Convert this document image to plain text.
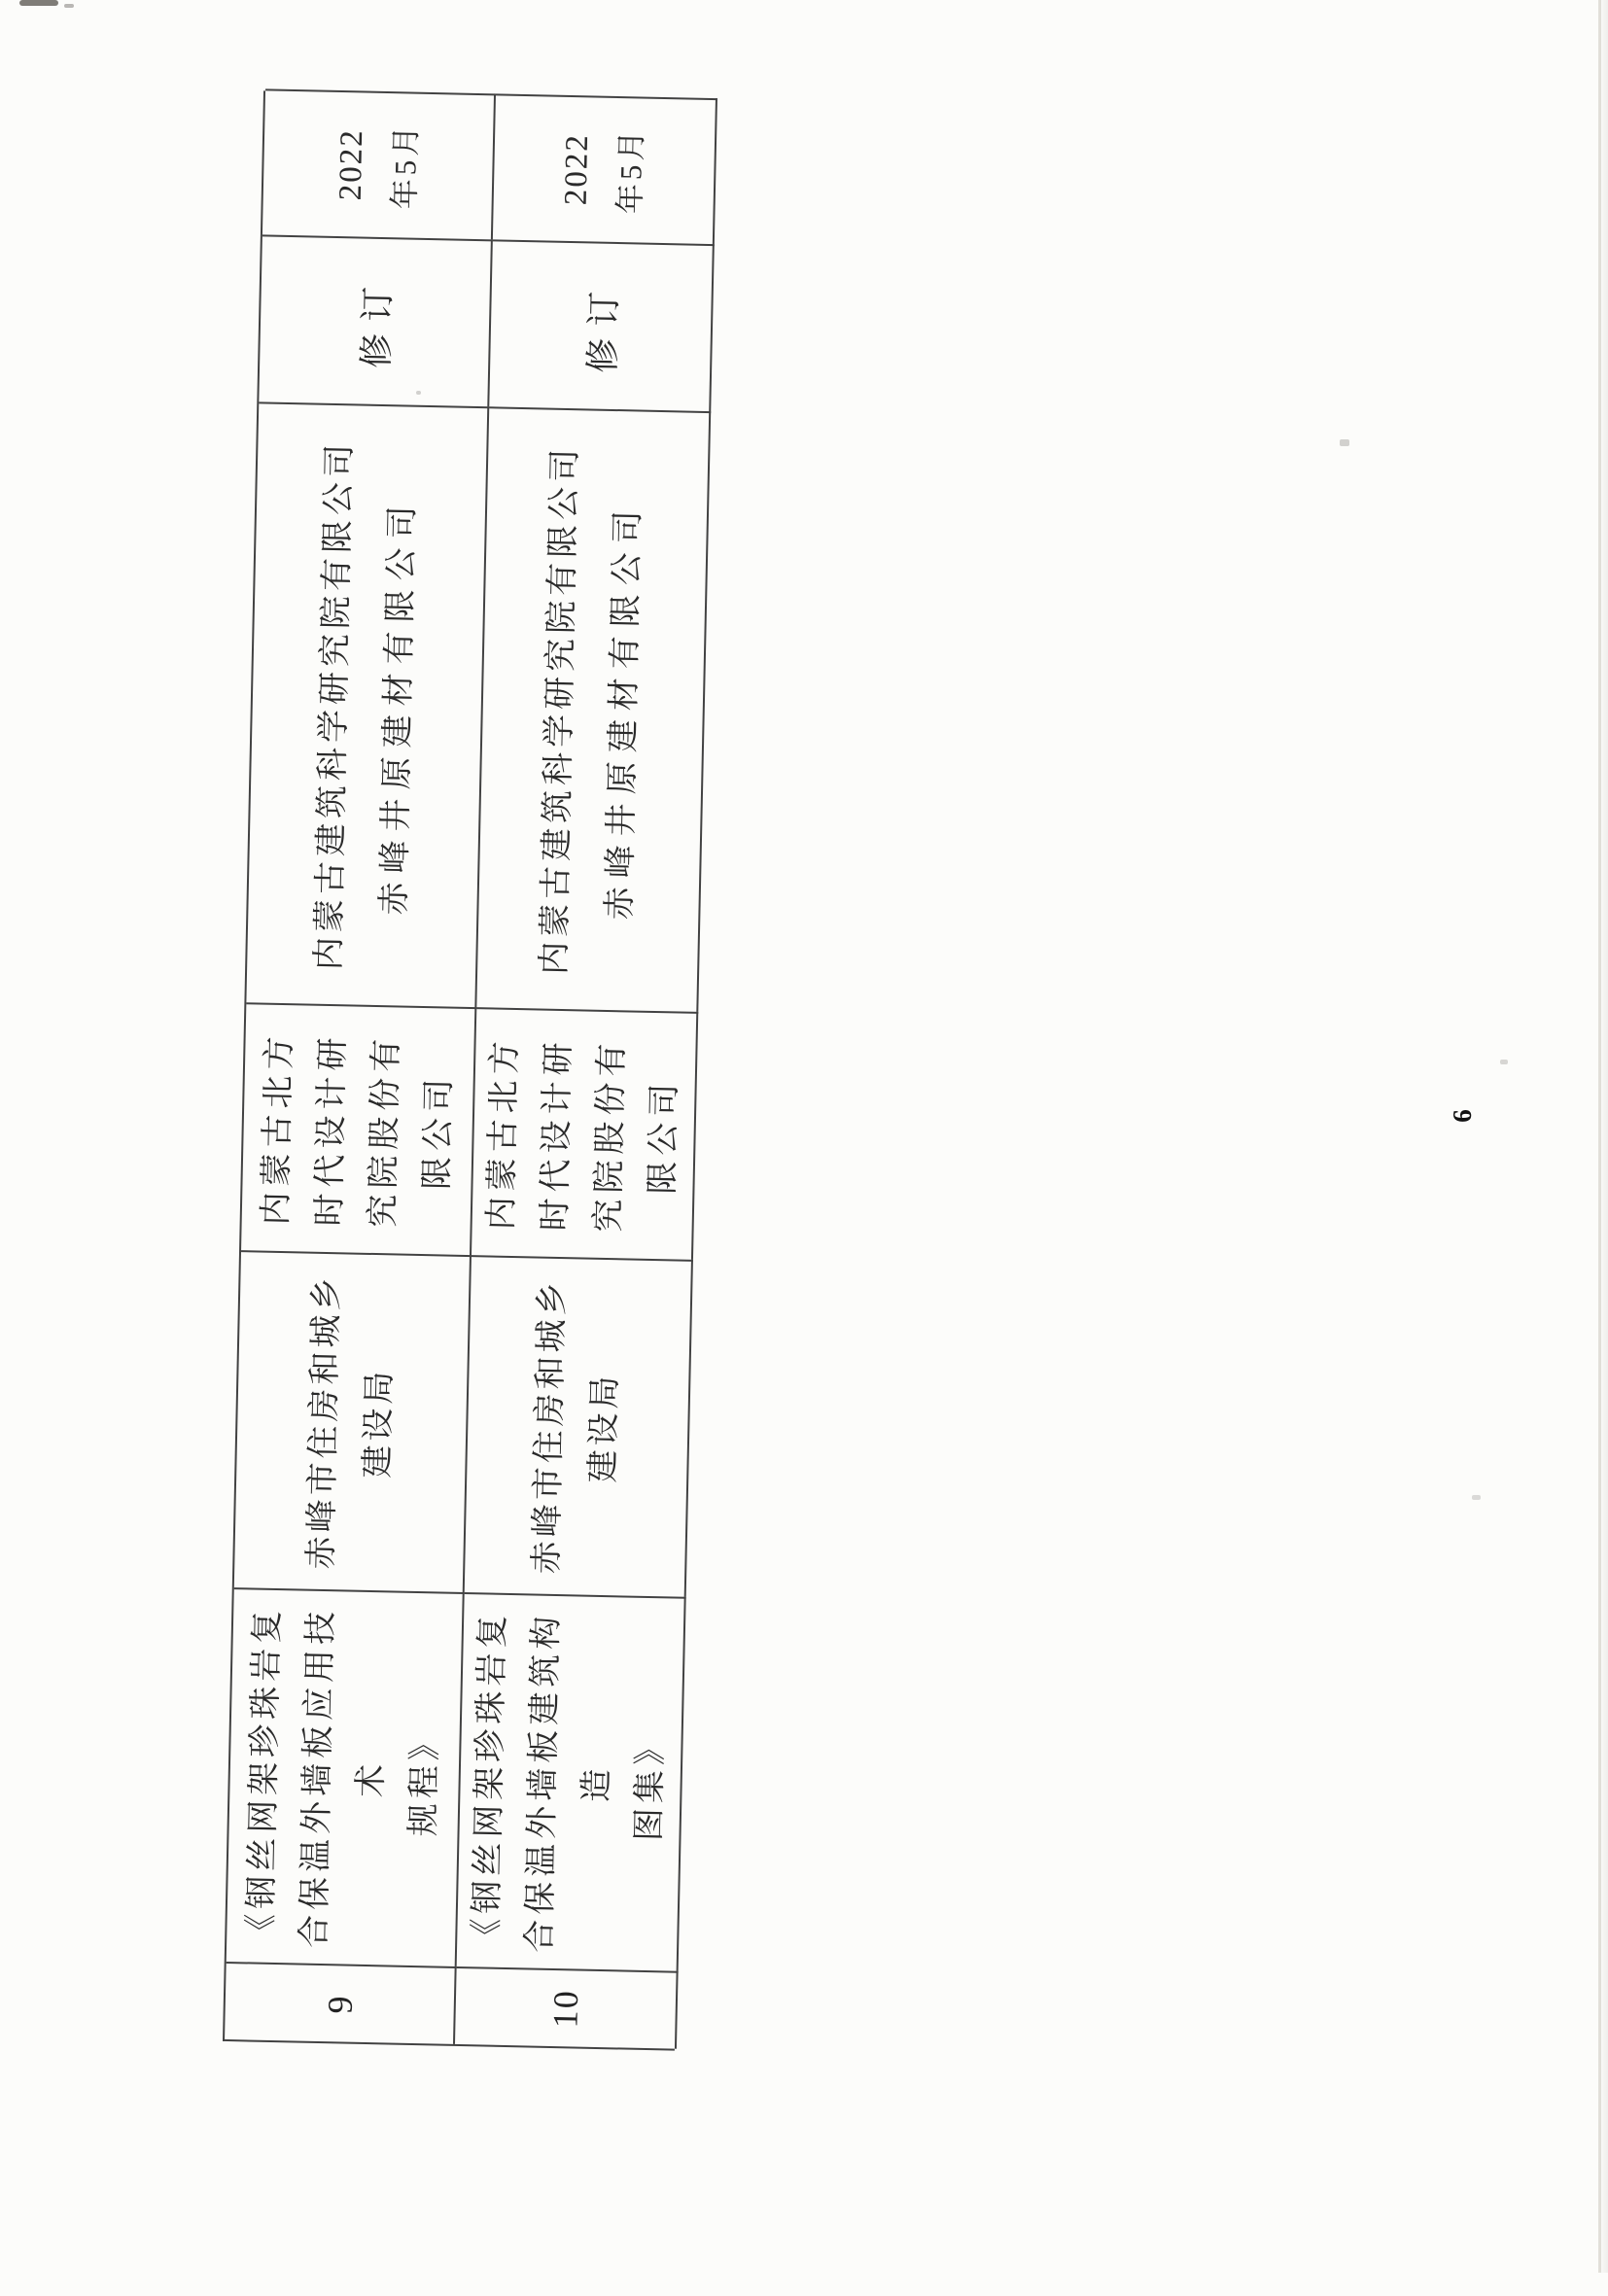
9
《钢丝网架珍珠岩复 合保温外墙板应用技 术 规程》
赤峰市住房和城乡 建设局
内蒙古北方 时代设计研 究院股份有 限公司
内蒙古建筑科学研究院有限公司 赤峰井原建材有限公司
修订
2022 年5月
10
《钢丝网架珍珠岩复 合保温外墙板建筑构 造 图集》
赤峰市住房和城乡 建设局
内蒙古北方 时代设计研 究院股份有 限公司
内蒙古建筑科学研究院有限公司 赤峰井原建材有限公司
修订
2022 年5月
6
